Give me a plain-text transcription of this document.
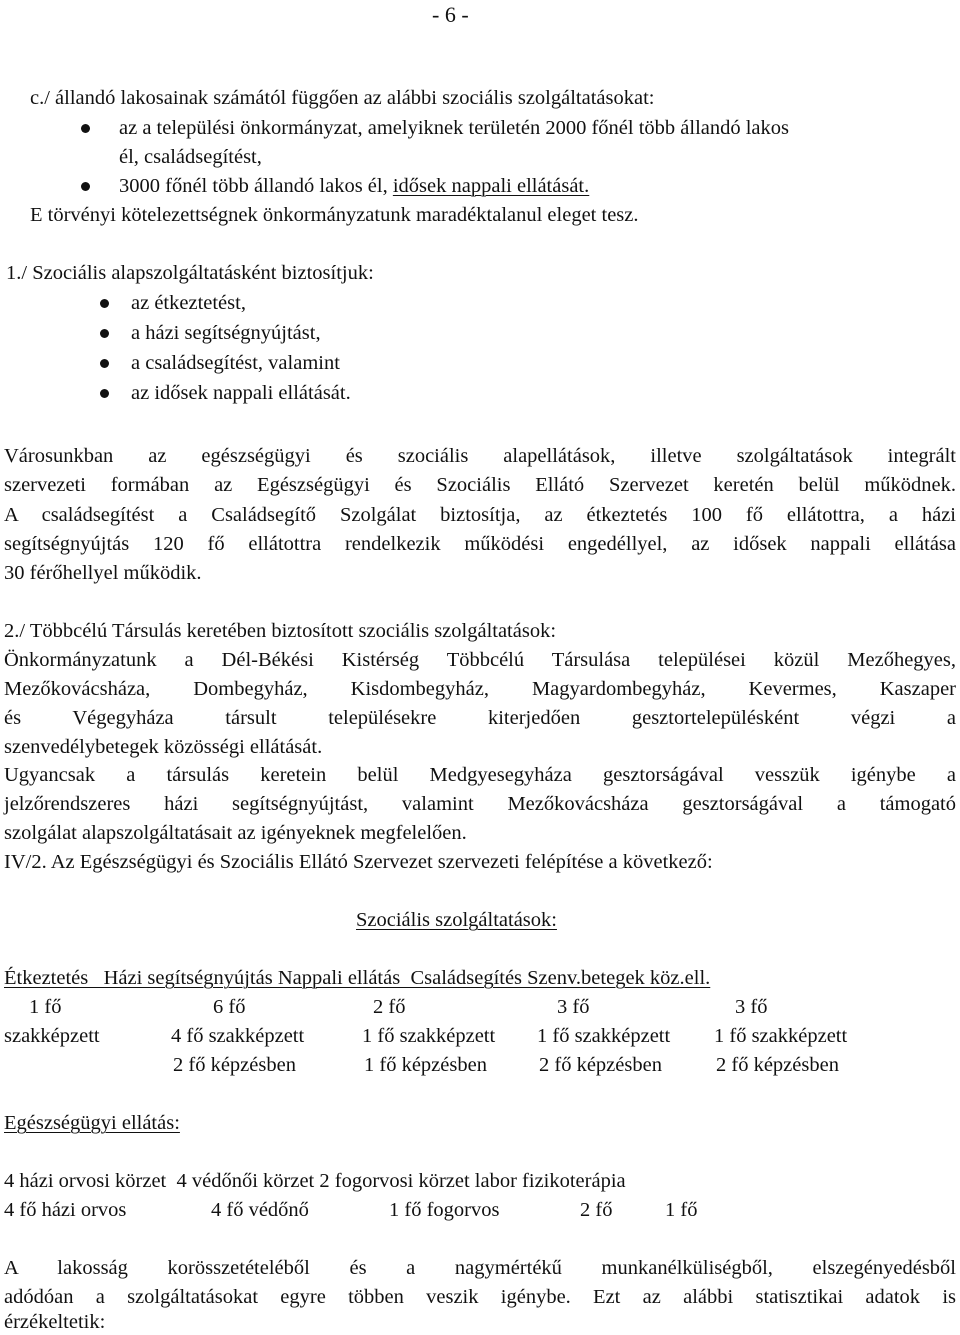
- 6 -
c./ állandó lakosainak számától függően az alábbi szociális szolgáltatásokat:
az a települési önkormányzat, amelyiknek területén 2000 főnél több állandó lakos
él, családsegítést,
3000 főnél több állandó lakos él, idősek nappali ellátását.
E törvényi kötelezettségnek önkormányzatunk maradéktalanul eleget tesz.
1./ Szociális alapszolgáltatásként biztosítjuk:
az étkeztetést,
a házi segítségnyújtást,
a családsegítést, valamint
az idősek nappali ellátását.
Városunkban az egészségügyi és szociális alapellátások, illetve szolgáltatások integrált
szervezeti formában az Egészségügyi és Szociális Ellátó Szervezet keretén belül működnek.
A családsegítést a Családsegítő Szolgálat biztosítja, az étkeztetés 100 fő ellátottra, a házi
segítségnyújtás 120 fő ellátottra rendelkezik működési engedéllyel, az idősek nappali ellátása
30 férőhellyel működik.
2./ Többcélú Társulás keretében biztosított szociális szolgáltatások:
Önkormányzatunk a Dél-Békési Kistérség Többcélú Társulása települései közül Mezőhegyes,
Mezőkovácsháza, Dombegyház, Kisdombegyház, Magyardombegyház, Kevermes, Kaszaper
és Végegyháza társult településekre kiterjedően gesztortelepülésként végzi a
szenvedélybetegek közösségi ellátását.
Ugyancsak a társulás keretein belül Medgyesegyháza gesztorságával vesszük igénybe a
jelzőrendszeres házi segítségnyújtást, valamint Mezőkovácsháza gesztorságával a támogató
szolgálat alapszolgáltatásait az igényeknek megfelelően.
IV/2. Az Egészségügyi és Szociális Ellátó Szervezet szervezeti felépítése a következő:
Szociális szolgáltatások:
Étkeztetés   Házi segítségnyújtás Nappali ellátás  Családsegítés Szenv.betegek köz.ell.
1 fő	6 fő	2 fő	3 fő	3 fő
szakképzett	4 fő szakképzett	1 fő szakképzett 1 fő szakképzett 1 fő szakképzett
2 fő képzésben	1 fő képzésben	2 fő képzésben	2 fő képzésben
Egészségügyi ellátás:
4 házi orvosi körzet  4 védőnői körzet 2 fogorvosi körzet labor fizikoterápia
4 fő házi orvos	4 fő védőnő	1 fő fogorvos	2 fő	1 fő
A lakosság korösszetételéből és a nagymértékű munkanélküliségből, elszegényedésből
adódóan a szolgáltatásokat egyre többen veszik igénybe. Ezt az alábbi statisztikai adatok is
érzékeltetik:
